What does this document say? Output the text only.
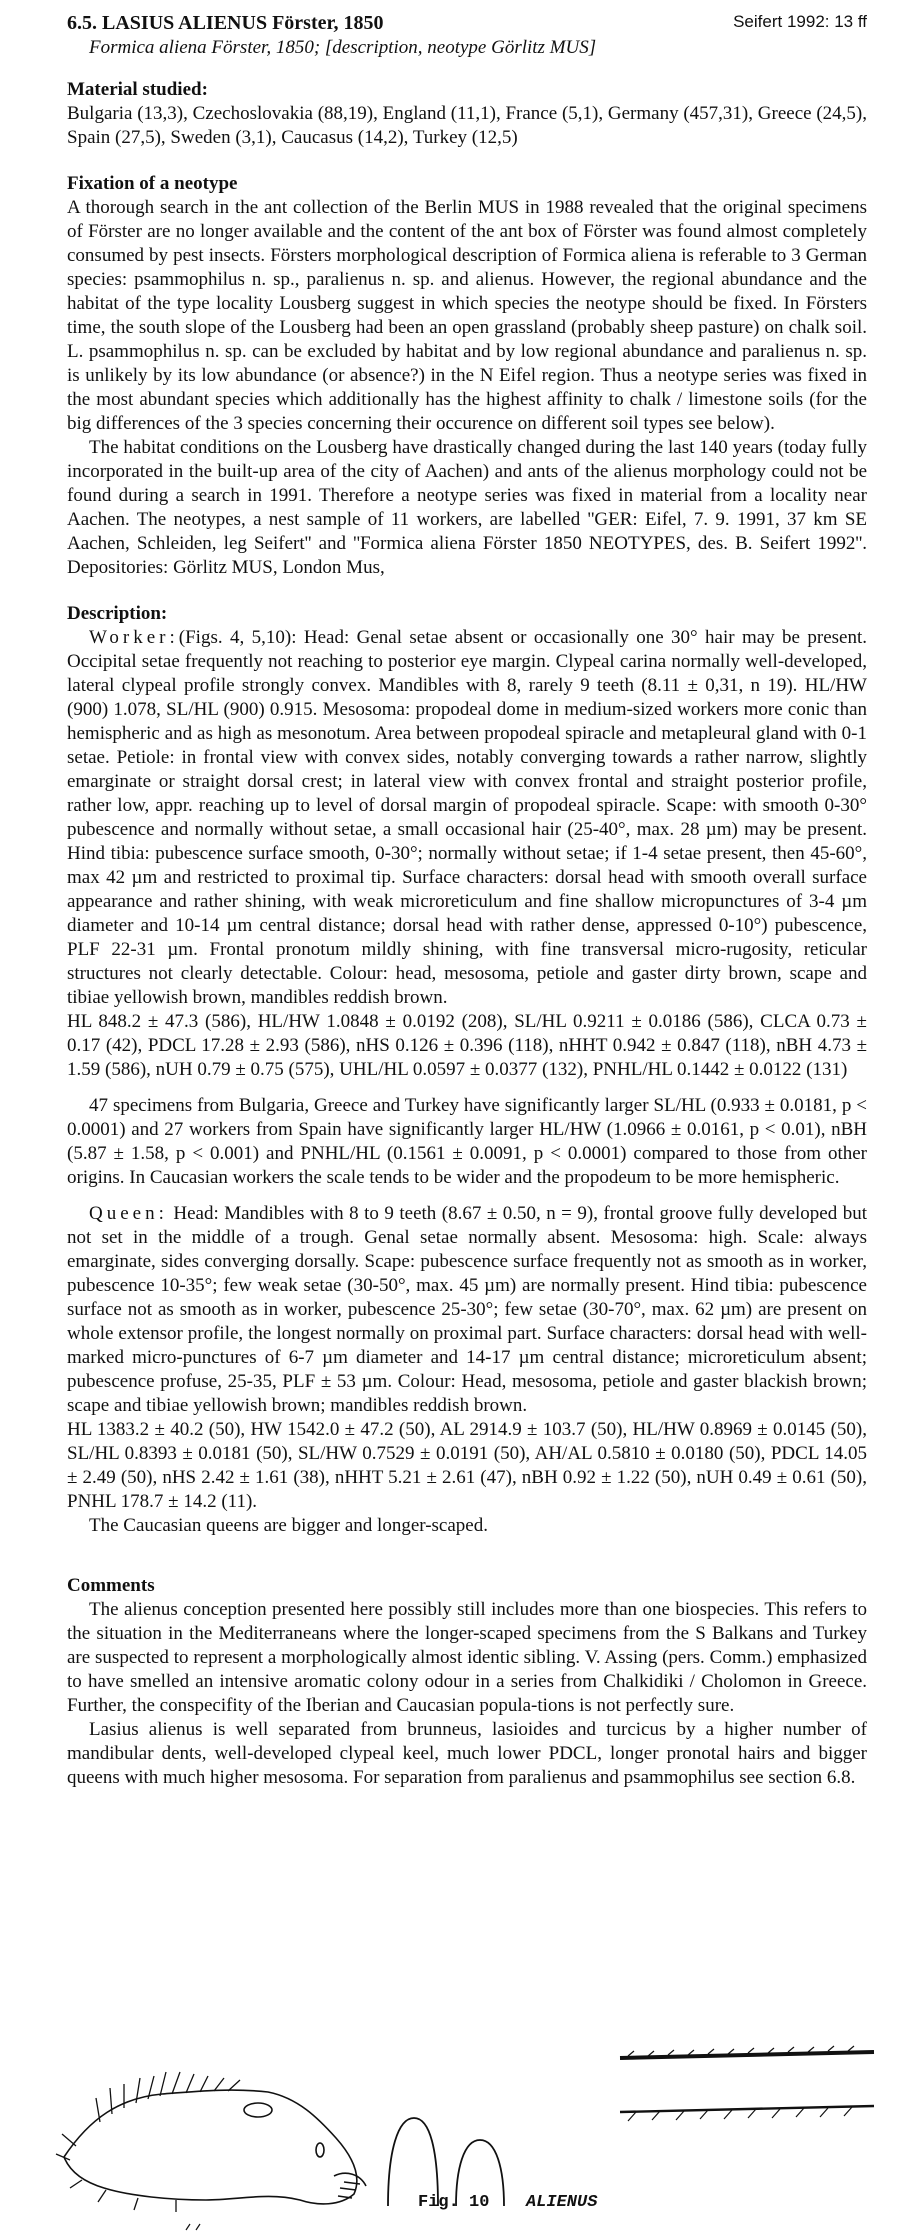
6.5. LASIUS ALIENUS Förster, 1850	Seifert 1992: 13 ff

Formica aliena Förster, 1850; [description, neotype Görlitz MUS]

Material studied:

Bulgaria (13,3), Czechoslovakia (88,19), England (11,1), France (5,1), Germany (457,31), Greece (24,5), Spain (27,5), Sweden (3,1), Caucasus (14,2), Turkey (12,5)

Fixation of a neotype

A thorough search in the ant collection of the Berlin MUS in 1988 revealed that the original specimens of Förster are no longer available and the content of the ant box of Förster was found almost completely consumed by pest insects. Försters morphological description of Formica aliena is referable to 3 German species: psammophilus n. sp., paralienus n. sp. and alienus. However, the regional abundance and the habitat of the type locality Lousberg suggest in which species the neotype should be fixed. In Försters time, the south slope of the Lousberg had been an open grassland (probably sheep pasture) on chalk soil. L. psammophilus n. sp. can be excluded by habitat and by low regional abundance and paralienus n. sp. is unlikely by its low abundance (or absence?) in the N Eifel region. Thus a neotype series was fixed in the most abundant species which additionally has the highest affinity to chalk / limestone soils (for the big differences of the 3 species concerning their occurence on different soil types see below).

The habitat conditions on the Lousberg have drastically changed during the last 140 years (today fully incorporated in the built-up area of the city of Aachen) and ants of the alienus morphology could not be found during a search in 1991. Therefore a neotype series was fixed in material from a locality near Aachen. The neotypes, a nest sample of 11 workers, are labelled ''GER: Eifel, 7. 9. 1991, 37 km SE Aachen, Schleiden, leg Seifert'' and ''Formica aliena Förster 1850 NEOTYPES, des. B. Seifert 1992''. Depositories: Görlitz MUS, London Mus,

Description:

Worker:(Figs. 4, 5,10): Head: Genal setae absent or occasionally one 30° hair may be present. Occipital setae frequently not reaching to posterior eye margin. Clypeal carina normally well-developed, lateral clypeal profile strongly convex. Mandibles with 8, rarely 9 teeth (8.11 ± 0,31, n 19). HL/HW (900) 1.078, SL/HL (900) 0.915. Mesosoma: propodeal dome in medium-sized workers more conic than hemispheric and as high as mesonotum. Area between propodeal spiracle and metapleural gland with 0-1 setae. Petiole: in frontal view with convex sides, notably converging towards a rather narrow, slightly emarginate or straight dorsal crest; in lateral view with convex frontal and straight posterior profile, rather low, appr. reaching up to level of dorsal margin of propodeal spiracle. Scape: with smooth 0-30° pubescence and normally without setae, a small occasional hair (25-40°, max. 28 µm) may be present. Hind tibia: pubescence surface smooth, 0-30°; normally without setae; if 1-4 setae present, then 45-60°, max 42 µm and restricted to proximal tip. Surface characters: dorsal head with smooth overall surface appearance and rather shining, with weak microreticulum and fine shallow micropunctures of 3-4 µm diameter and 10-14 µm central distance; dorsal head with rather dense, appressed 0-10°) pubescence, PLF 22-31 µm. Frontal pronotum mildly shining, with fine transversal micro-rugosity, reticular structures not clearly detectable. Colour: head, mesosoma, petiole and gaster dirty brown, scape and tibiae yellowish brown, mandibles reddish brown.

HL 848.2 ± 47.3 (586), HL/HW 1.0848 ± 0.0192 (208), SL/HL 0.9211 ± 0.0186 (586), CLCA 0.73 ± 0.17 (42), PDCL 17.28 ± 2.93 (586), nHS 0.126 ± 0.396 (118), nHHT 0.942 ± 0.847 (118), nBH 4.73 ± 1.59 (586), nUH 0.79 ± 0.75 (575), UHL/HL 0.0597 ± 0.0377 (132), PNHL/HL 0.1442 ± 0.0122 (131)

47 specimens from Bulgaria, Greece and Turkey have significantly larger SL/HL (0.933 ± 0.0181, p < 0.0001) and 27 workers from Spain have significantly larger HL/HW (1.0966 ± 0.0161, p < 0.01), nBH (5.87 ± 1.58, p < 0.001) and PNHL/HL (0.1561 ± 0.0091, p < 0.0001) compared to those from other origins. In Caucasian workers the scale tends to be wider and the propodeum to be more hemispheric.

Queen: Head: Mandibles with 8 to 9 teeth (8.67 ± 0.50, n = 9), frontal groove fully developed but not set in the middle of a trough. Genal setae normally absent. Mesosoma: high. Scale: always emarginate, sides converging dorsally. Scape: pubescence surface frequently not as smooth as in worker, pubescence 10-35°; few weak setae (30-50°, max. 45 µm) are normally present. Hind tibia: pubescence surface not as smooth as in worker, pubescence 25-30°; few setae (30-70°, max. 62 µm) are present on whole extensor profile, the longest normally on proximal part. Surface characters: dorsal head with well-marked micro-punctures of 6-7 µm diameter and 14-17 µm central distance; microreticulum absent; pubescence profuse, 25-35, PLF ± 53 µm. Colour: Head, mesosoma, petiole and gaster blackish brown; scape and tibiae yellowish brown; mandibles reddish brown.

HL 1383.2 ± 40.2 (50), HW 1542.0 ± 47.2 (50), AL 2914.9 ± 103.7 (50), HL/HW 0.8969 ± 0.0145 (50), SL/HL 0.8393 ± 0.0181 (50), SL/HW 0.7529 ± 0.0191 (50), AH/AL 0.5810 ± 0.0180 (50), PDCL 14.05 ± 2.49 (50), nHS 2.42 ± 1.61 (38), nHHT 5.21 ± 2.61 (47), nBH 0.92 ± 1.22 (50), nUH 0.49 ± 0.61 (50), PNHL 178.7 ± 14.2 (11).

The Caucasian queens are bigger and longer-scaped.

Comments

The alienus conception presented here possibly still includes more than one biospecies. This refers to the situation in the Mediterraneans where the longer-scaped specimens from the S Balkans and Turkey are suspected to represent a morphologically almost identic sibling. V. Assing (pers. Comm.) emphasized to have smelled an intensive aromatic colony odour in a series from Chalkidiki / Cholomon in Greece. Further, the conspecifity of the Iberian and Caucasian popula-tions is not perfectly sure.

Lasius alienus is well separated from brunneus, lasioides and turcicus by a higher number of mandibular dents, well-developed clypeal keel, much lower PDCL, longer pronotal hairs and bigger queens with much higher mesosoma. For separation from paralienus and psammophilus see section 6.8.

Fig. 10 ALIENUS
